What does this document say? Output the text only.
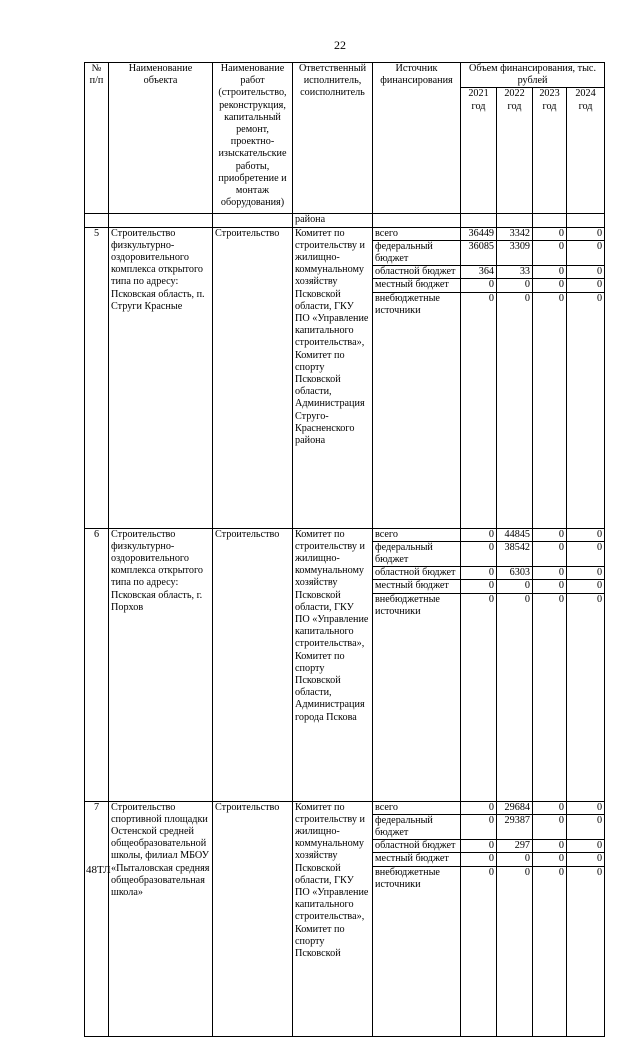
22
№ п/п	Наименование объекта	Наименование работ (строительство, реконструкция, капитальный ремонт, проектно-изыскательские работы, приобретение и монтаж оборудования)	Ответственный исполнитель, соисполнитель	Источник финансирования	Объем финансирования, тыс. рублей			
					2021 год	2022 год	2023 год	2024 год
			района					
5	Строительство физкультурно-оздоровительного комплекса открытого типа по адресу: Псковская область, п. Струги Красные	Строительство	Комитет по строительству и жилищно-коммунальному хозяйству Псковской области, ГКУ ПО «Управление капитального строительства», Комитет по спорту Псковской области, Администрация Струго-Красненского района	всего	36449	3342	0	0
				федеральный бюджет	36085	3309	0	0
				областной бюджет	364	33	0	0
				местный бюджет	0	0	0	0
				внебюджетные источники	0	0	0	0
6	Строительство физкультурно-оздоровительного комплекса открытого типа по адресу: Псковская область, г. Порхов	Строительство	Комитет по строительству и жилищно-коммунальному хозяйству Псковской области, ГКУ ПО «Управление капитального строительства», Комитет по спорту Псковской области, Администрация города Пскова	всего	0	44845	0	0
				федеральный бюджет	0	38542	0	0
				областной бюджет	0	6303	0	0
				местный бюджет	0	0	0	0
				внебюджетные источники	0	0	0	0
7	Строительство спортивной площадки Остенской средней общеобразовательной школы, филиал МБОУ «Пыталовская средняя общеобразовательная школа»	Строительство	Комитет по строительству и жилищно-коммунальному хозяйству Псковской области, ГКУ ПО «Управление капитального строительства», Комитет по спорту Псковской	всего	0	29684	0	0
				федеральный бюджет	0	29387	0	0
				областной бюджет	0	297	0	0
				местный бюджет	0	0	0	0
				внебюджетные источники	0	0	0	0
48ТЛ
